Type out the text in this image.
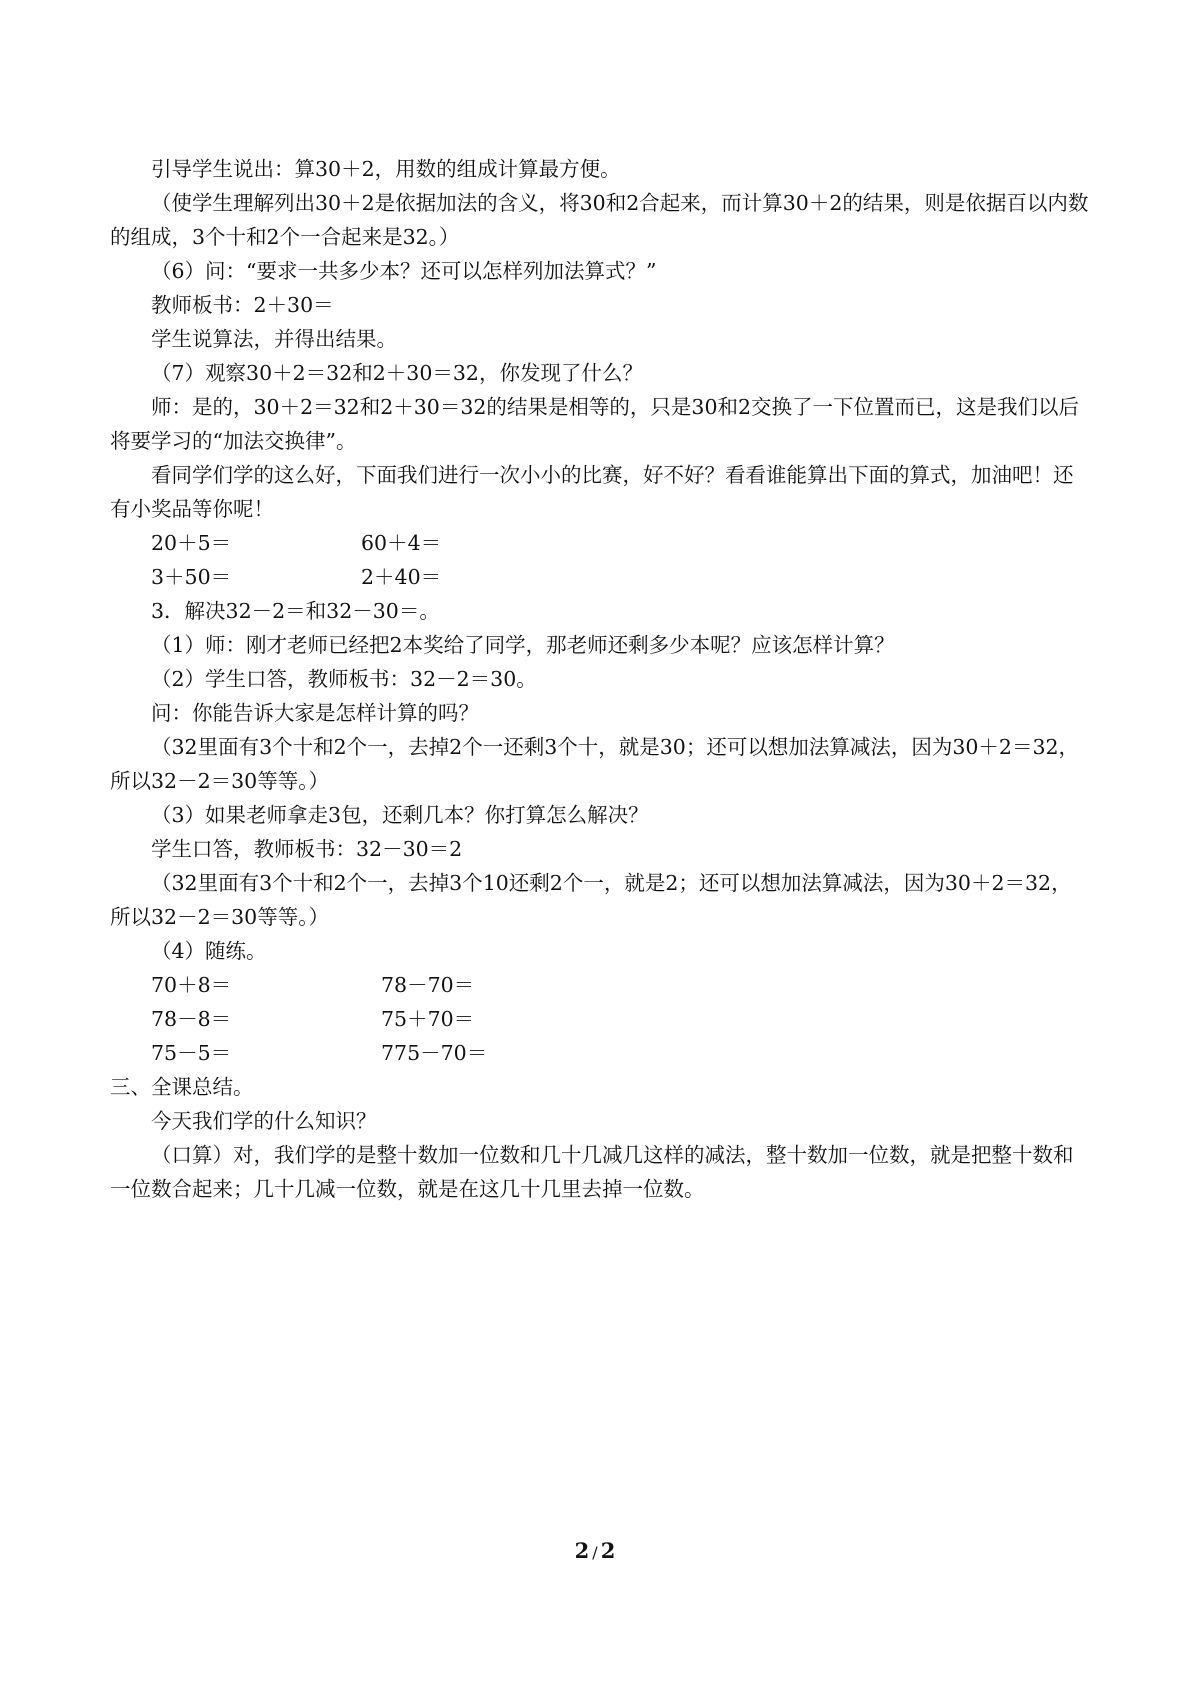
引导学生说出：算30＋2，用数的组成计算最方便。

（使学生理解列出30＋2是依据加法的含义，将30和2合起来，而计算30＋2的结果，则是依据百以内数的组成，3个十和2个一合起来是32。）

（6）问：“要求一共多少本？还可以怎样列加法算式？”

教师板书：2＋30＝

学生说算法，并得出结果。

（7）观察30＋2＝32和2＋30＝32，你发现了什么？

师：是的，30＋2＝32和2＋30＝32的结果是相等的，只是30和2交换了一下位置而已，这是我们以后将要学习的“加法交换律”。

看同学们学的这么好，下面我们进行一次小小的比赛，好不好？看看谁能算出下面的算式，加油吧！还有小奖品等你呢！

20＋5＝	60＋4＝
3＋50＝	2＋40＝

3．解决32－2＝和32－30＝。

（1）师：刚才老师已经把2本奖给了同学，那老师还剩多少本呢？应该怎样计算？

（2）学生口答，教师板书：32－2＝30。

问：你能告诉大家是怎样计算的吗？

（32里面有3个十和2个一，去掉2个一还剩3个十，就是30；还可以想加法算减法，因为30＋2＝32，所以32－2＝30等等。）

（3）如果老师拿走3包，还剩几本？你打算怎么解决？

学生口答，教师板书：32－30＝2

（32里面有3个十和2个一，去掉3个10还剩2个一，就是2；还可以想加法算减法，因为30＋2＝32，所以32－2＝30等等。）

（4）随练。

70＋8＝	78－70＝
78－8＝	75＋70＝
75－5＝	775－70＝

三、全课总结。

今天我们学的什么知识？

（口算）对，我们学的是整十数加一位数和几十几减几这样的减法，整十数加一位数，就是把整十数和一位数合起来；几十几减一位数，就是在这几十几里去掉一位数。

2 /2
